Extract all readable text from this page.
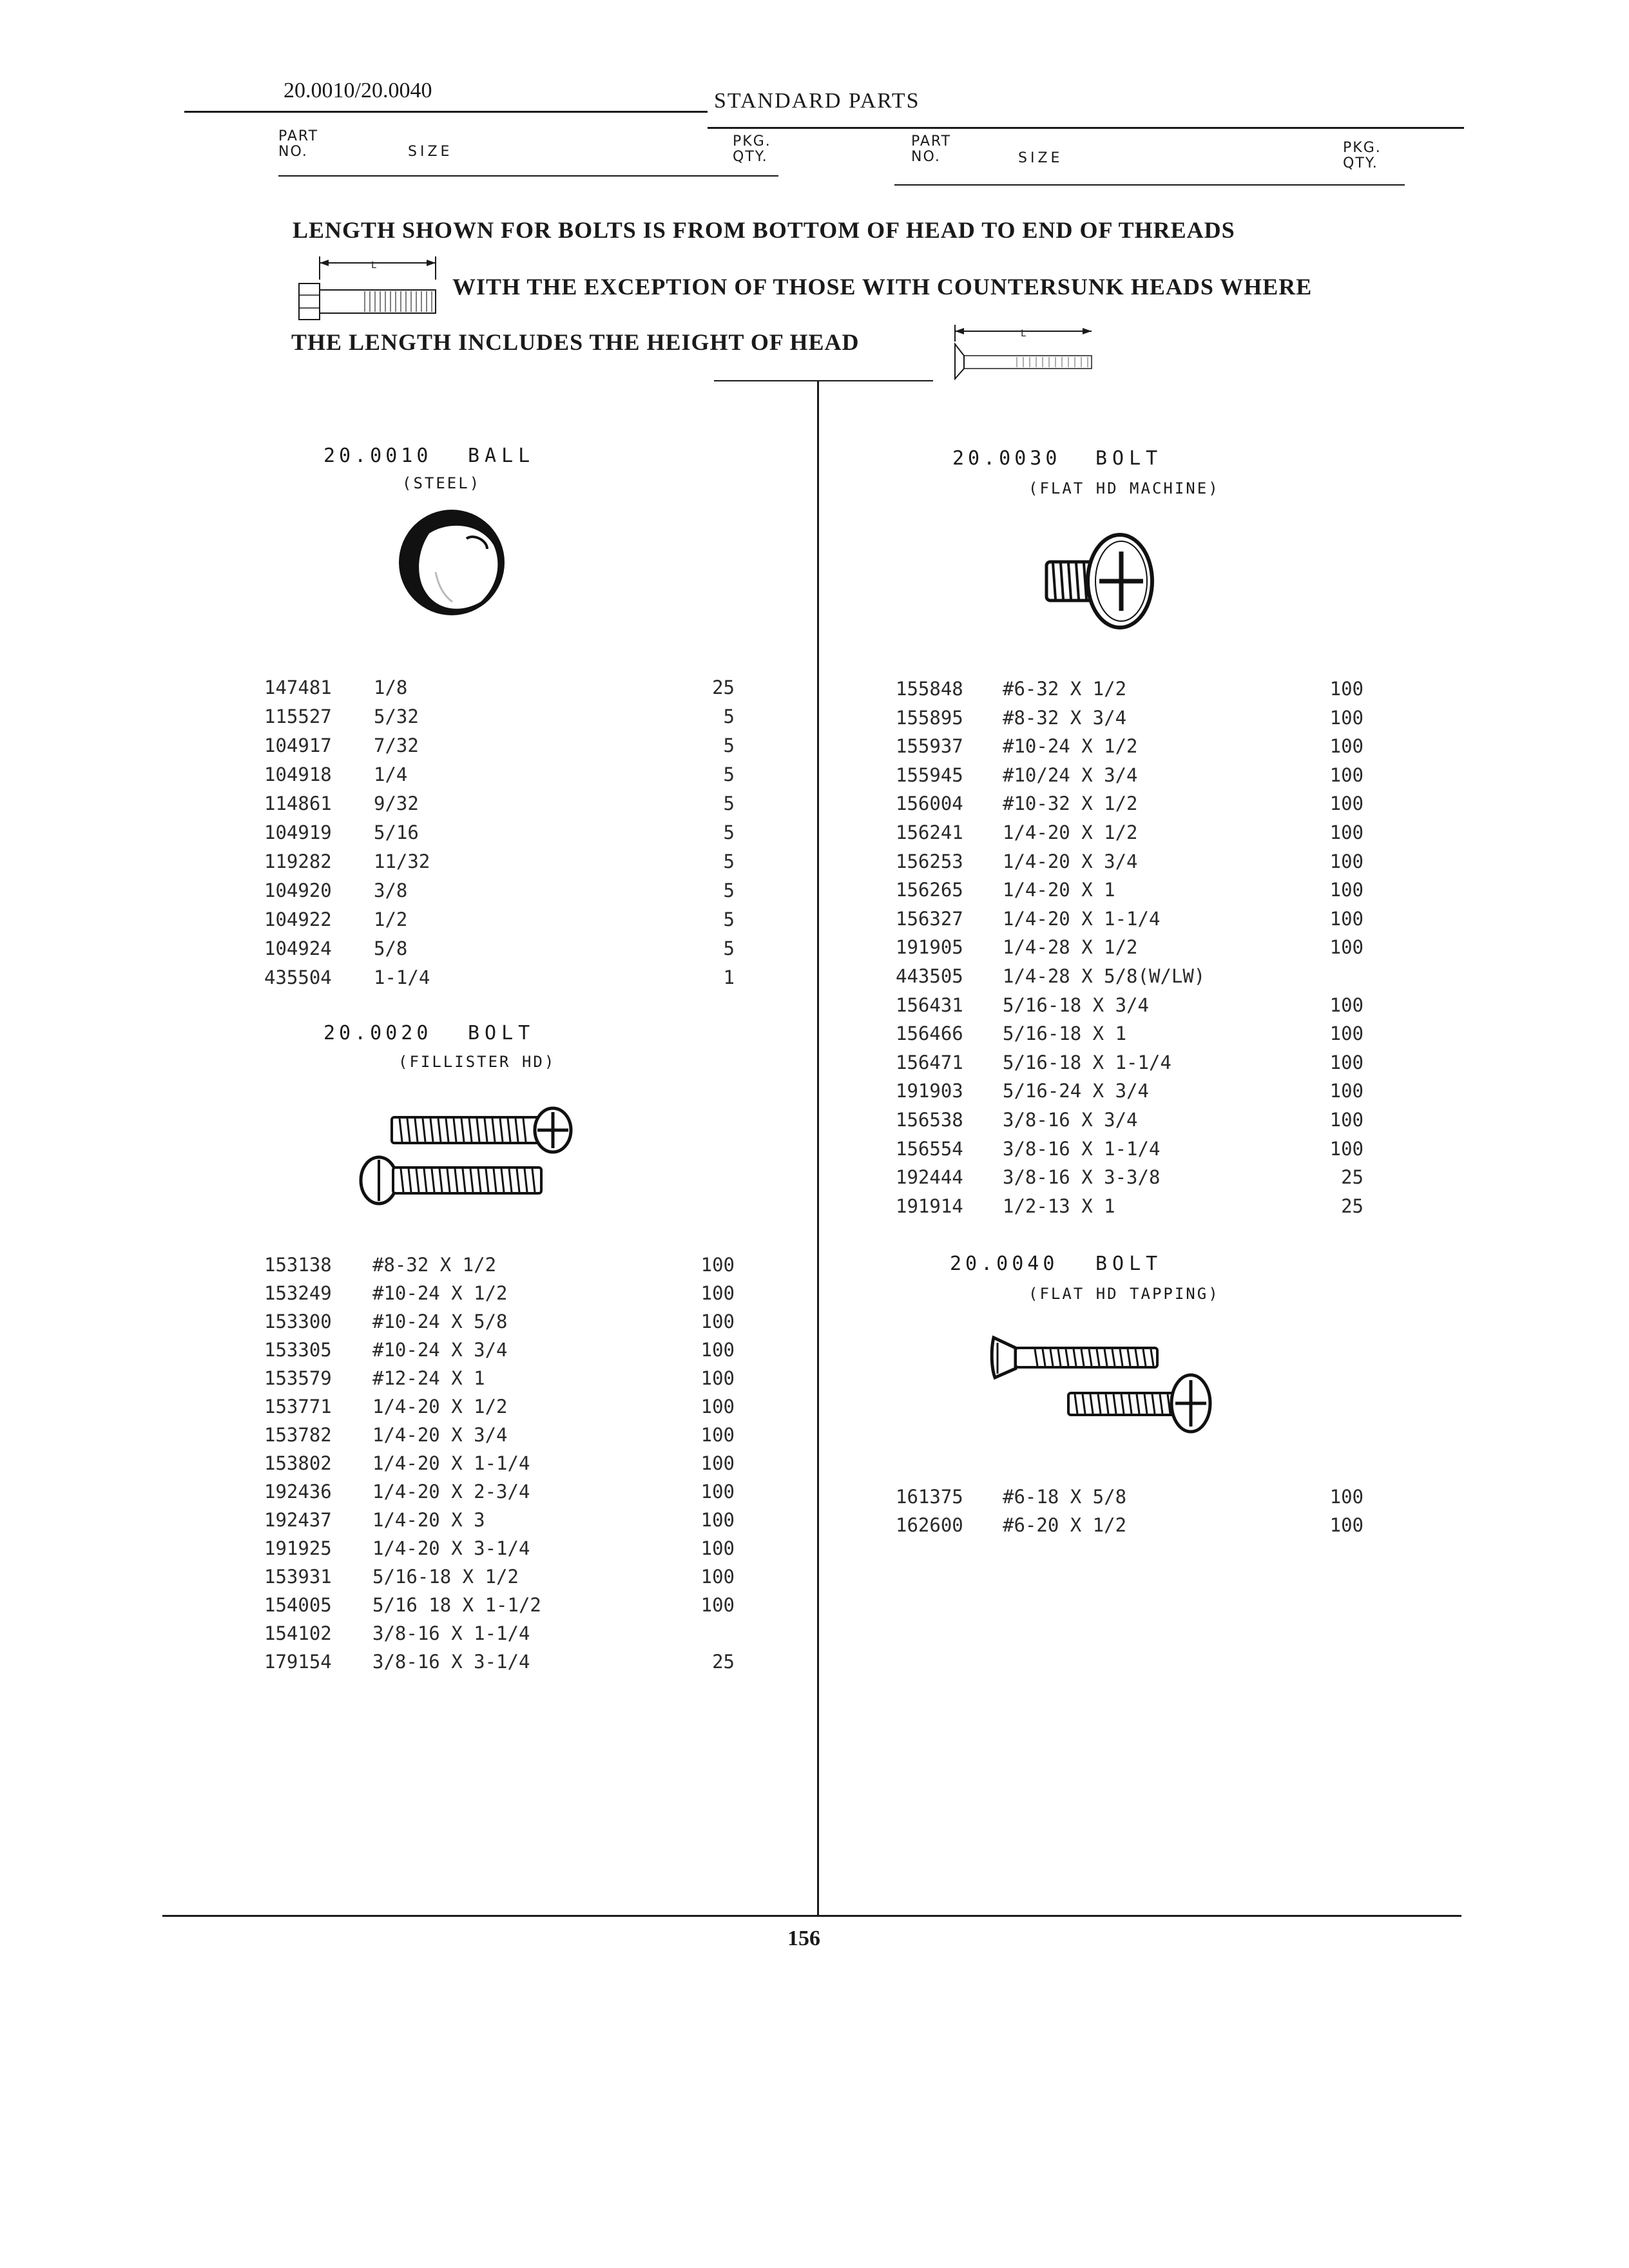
20.0010/20.0040	STANDARD PARTS
PART
NO.	SIZE
PKG.
QTY.
PART
NO.	SIZE
PKG.
QTY.
LENGTH SHOWN FOR BOLTS IS FROM BOTTOM OF HEAD TO END OF THREADS
WITH THE EXCEPTION OF THOSE WITH COUNTERSUNK HEADS WHERE
THE LENGTH INCLUDES THE HEIGHT OF HEAD
L
L
20.0010 BALL
(STEEL)
147481 1/8	25
115527 5/32	5
104917 7/32	5
104918 1/4	5
114861 9/32	5
104919 5/16	5
119282 11/32	5
104920 3/8	5
104922 1/2	5
104924 5/8	5
435504 1-1/4	1
20.0020 BOLT
(FILLISTER HD)
153138 #8-32 X 1/2	100
153249 #10-24 X 1/2	100
153300 #10-24 X 5/8	100
153305 #10-24 X 3/4	100
153579 #12-24 X 1	100
153771 1/4-20 X 1/2	100
153782 1/4-20 X 3/4	100
153802 1/4-20 X 1-1/4	100
192436 1/4-20 X 2-3/4	100
192437 1/4-20 X 3	100
191925 1/4-20 X 3-1/4	100
153931 5/16-18 X 1/2	100
154005 5/16 18 X 1-1/2	100
154102 3/8-16 X 1-1/4
179154 3/8-16 X 3-1/4	25
20.0030 BOLT
(FLAT HD MACHINE)
155848 #6-32 X 1/2	100
155895 #8-32 X 3/4	100
155937 #10-24 X 1/2	100
155945 #10/24 X 3/4	100
156004 #10-32 X 1/2	100
156241 1/4-20 X 1/2	100
156253 1/4-20 X 3/4	100
156265 1/4-20 X 1	100
156327 1/4-20 X 1-1/4	100
191905 1/4-28 X 1/2	100
443505 1/4-28 X 5/8(W/LW)
156431 5/16-18 X 3/4	100
156466 5/16-18 X 1	100
156471 5/16-18 X 1-1/4	100
191903 5/16-24 X 3/4	100
156538 3/8-16 X 3/4	100
156554 3/8-16 X 1-1/4	100
192444 3/8-16 X 3-3/8	25
191914 1/2-13 X 1	25
20.0040 BOLT
(FLAT HD TAPPING)
161375 #6-18 X 5/8	100
162600 #6-20 X 1/2	100
156
